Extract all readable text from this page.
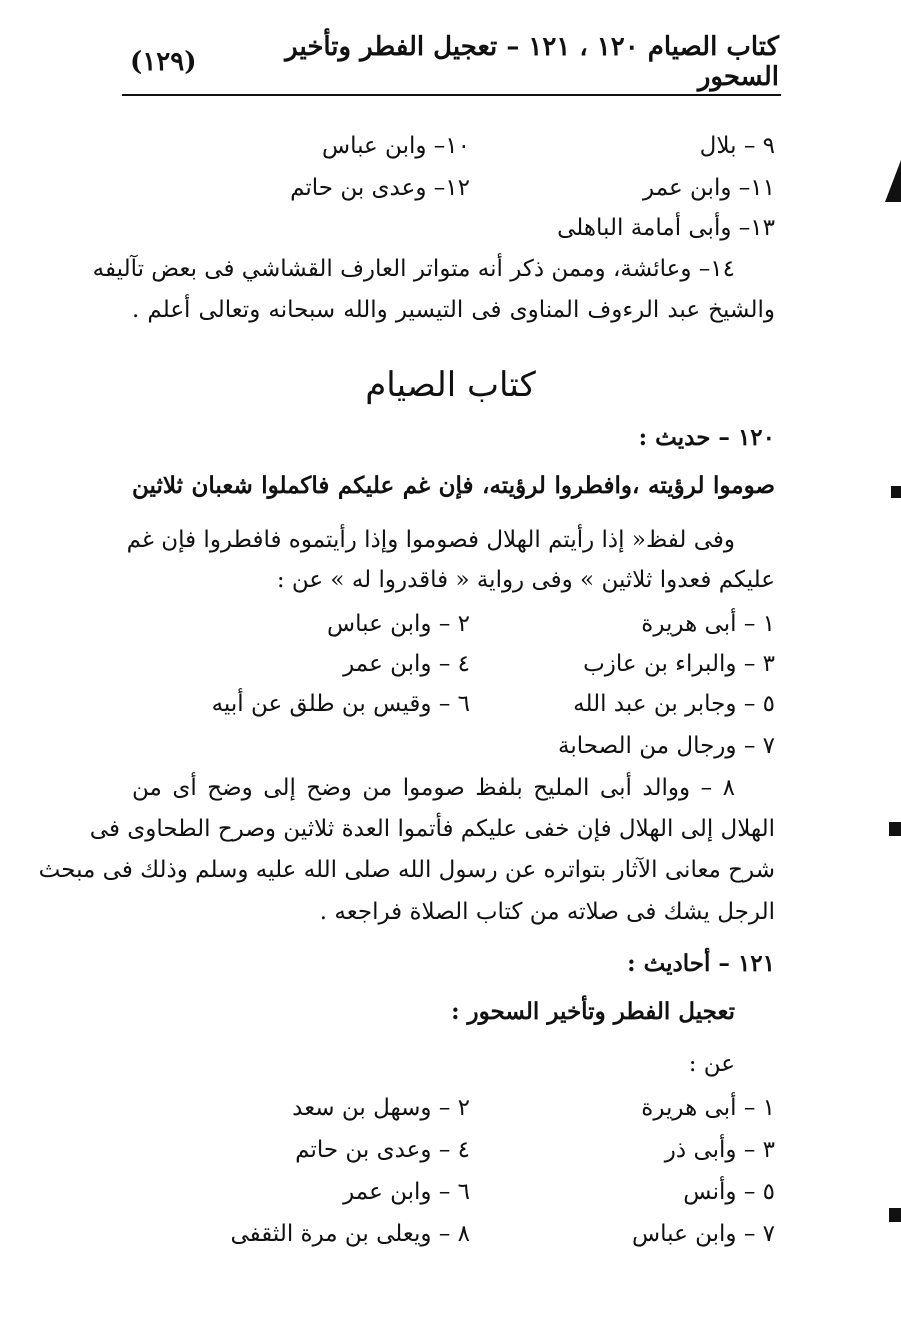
كتاب الصيام ١٢٠ ، ١٢١ – تعجيل الفطر وتأخير السحور
(١٢٩)
٩ – بلال
١٠– وابن عباس
١١– وابن عمر
١٢– وعدى بن حاتم
١٣– وأبى أمامة الباهلى
١٤– وعائشة، وممن ذكر أنه متواتر العارف القشاشي فى بعض تآليفه
والشيخ عبد الرءوف المناوى فى التيسير والله سبحانه وتعالى أعلم .
كتاب الصيام
١٢٠ – حديث :
صوموا لرؤيته ،وافطروا لرؤيته، فإن غم عليكم فاكملوا شعبان ثلاثين
وفى لفظ« إذا رأيتم الهلال فصوموا وإذا رأيتموه فافطروا فإن غم
عليكم فعدوا ثلاثين » وفى رواية « فاقدروا له » عن :
١ – أبى هريرة
٢ – وابن عباس
٣ – والبراء بن عازب
٤ – وابن عمر
٥ – وجابر بن عبد الله
٦ – وقيس بن طلق عن أبيه
٧ – ورجال من الصحابة
٨ – ووالد أبى المليح بلفظ صوموا من وضح إلى وضح أى من
الهلال إلى الهلال فإن خفى عليكم فأتموا العدة ثلاثين وصرح الطحاوى فى
شرح معانى الآثار بتواتره عن رسول الله صلى الله عليه وسلم وذلك فى مبحث
الرجل يشك فى صلاته من كتاب الصلاة فراجعه .
١٢١ – أحاديث :
تعجيل الفطر وتأخير السحور :
عن :
١ – أبى هريرة
٢ – وسهل بن سعد
٣ – وأبى ذر
٤ – وعدى بن حاتم
٥ – وأنس
٦ – وابن عمر
٧ – وابن عباس
٨ – ويعلى بن مرة الثقفى
